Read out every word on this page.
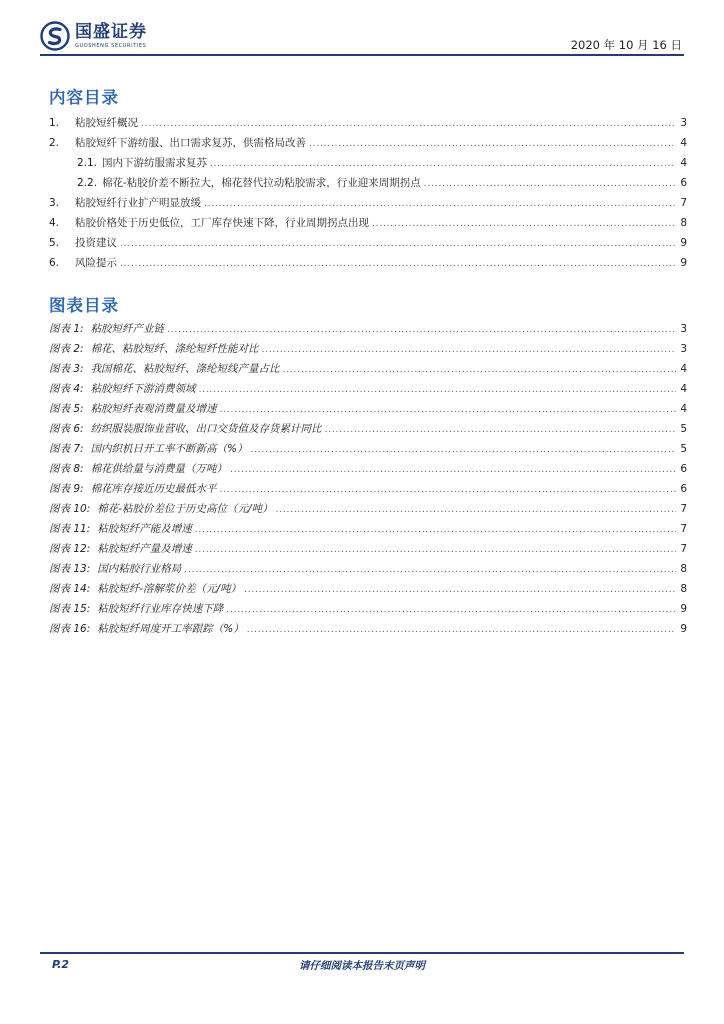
国盛证券
GUOSHENG SECURITIES	2020 年 10 月 16 日
内容目录
1.	粘胶短纤概况 .....	3
2.	粘胶短纤下游纺服、出口需求复苏，供需格局改善 .....	4
2.1. 国内下游纺服需求复苏 .....	4
2.2. 棉花-粘胶价差不断拉大，棉花替代拉动粘胶需求，行业迎来周期拐点 .....	6
3.	粘胶短纤行业扩产明显放缓 .....	7
4.	粘胶价格处于历史低位，工厂库存快速下降，行业周期拐点出现 .....	8
5.	投资建议 .....	9
6.	风险提示 .....	9
图表目录
图表 1: 粘胶短纤产业链 .....	3
图表 2: 棉花、粘胶短纤、涤纶短纤性能对比 .....	3
图表 3: 我国棉花、粘胶短纤、涤纶短线产量占比 .....	4
图表 4: 粘胶短纤下游消费领域 .....	4
图表 5: 粘胶短纤表观消费量及增速 .....	4
图表 6: 纺织服装服饰业营收、出口交货值及存货累计同比 .....	5
图表 7: 国内织机日开工率不断新高（%） .....	5
图表 8: 棉花供给量与消费量（万吨） .....	6
图表 9: 棉花库存接近历史最低水平 .....	6
图表 10: 棉花-粘胶价差位于历史高位（元/吨） .....	7
图表 11: 粘胶短纤产能及增速 .....	7
图表 12: 粘胶短纤产量及增速 .....	7
图表 13: 国内粘胶行业格局 .....	8
图表 14: 粘胶短纤-溶解浆价差（元/吨） .....	8
图表 15: 粘胶短纤行业库存快速下降 .....	9
图表 16: 粘胶短纤周度开工率跟踪（%） .....	9
P.2	请仔细阅读本报告末页声明
